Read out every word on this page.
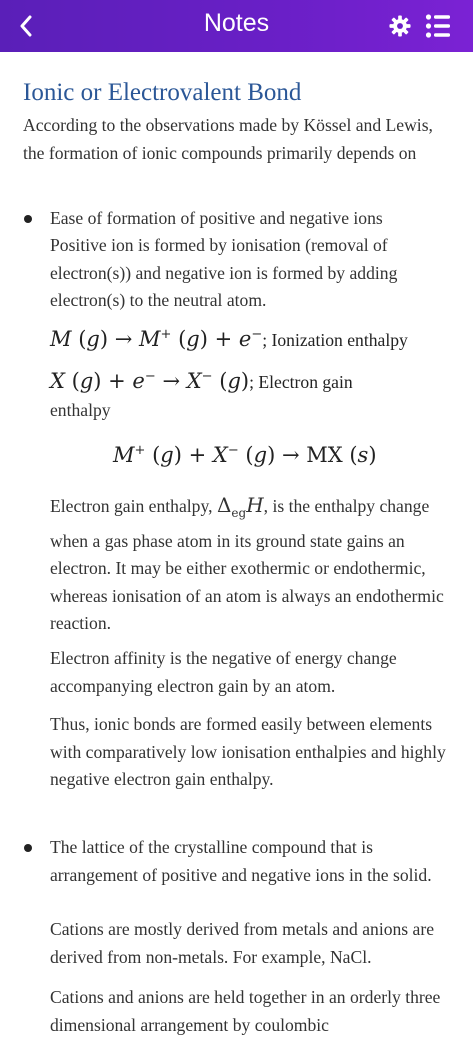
Notes
Ionic or Electrovalent Bond
According to the observations made by Kössel and Lewis, the formation of ionic compounds primarily depends on
Ease of formation of positive and negative ions
Positive ion is formed by ionisation (removal of electron(s)) and negative ion is formed by adding electron(s) to the neutral atom.
M (g) → M+ (g) + e−; Ionization enthalpy
X (g) + e− → X− (g); Electron gain
enthalpy
M+ (g) + X− (g) → MX (s)
Electron gain enthalpy, $\Delta_{eg}H$, is the enthalpy change when a gas phase atom in its ground state gains an electron. It may be either exothermic or endothermic, whereas ionisation of an atom is always an endothermic reaction.
Electron affinity is the negative of energy change accompanying electron gain by an atom.
Thus, ionic bonds are formed easily between elements with comparatively low ionisation enthalpies and highly negative electron gain enthalpy.
The lattice of the crystalline compound that is arrangement of positive and negative ions in the solid.
Cations are mostly derived from metals and anions are derived from non-metals. For example, NaCl.
Cations and anions are held together in an orderly three dimensional arrangement by coulombic
